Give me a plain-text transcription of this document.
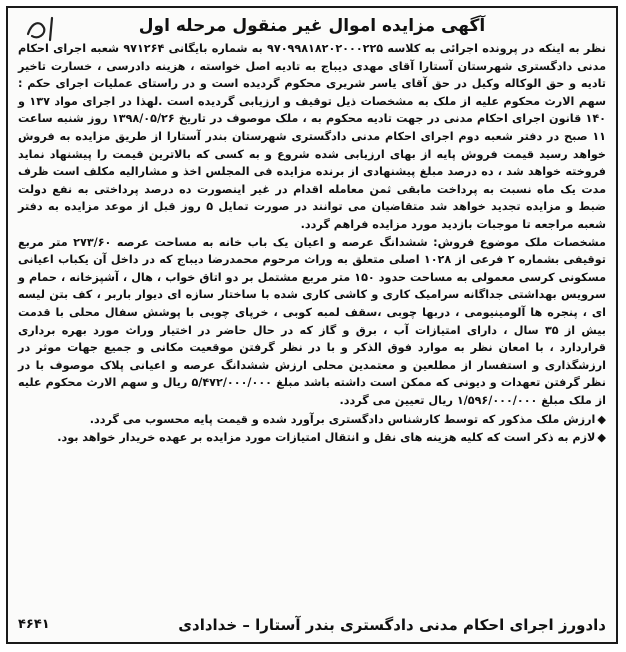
آگهی مزایده اموال غیر منقول مرحله اول

نظر به اینکه در پرونده اجرائی به کلاسه ۹۷۰۹۹۸۱۸۲۰۲۰۰۰۲۲۵ به شماره بایگانی ۹۷۱۲۶۴ شعبه اجرای احکام مدنی دادگستری شهرستان آستارا آقای مهدی دیباج به تادیه اصل خواسته ، هزینه دادرسی ، خسارت تاخیر تادیه و حق الوکاله وکیل در حق آقای یاسر شریری محکوم گردیده است و در راستای عملیات اجرای حکم : سهم الارث محکوم علیه از ملک به مشخصات ذیل توقیف و ارزیابی گردیده است .لهذا در اجرای مواد ۱۳۷ و ۱۴۰ قانون اجرای احکام مدنی در جهت تادیه محکوم به ، ملک موصوف در تاریخ ۱۳۹۸/۰۵/۲۶ روز شنبه ساعت ۱۱ صبح در دفتر شعبه دوم اجرای احکام مدنی دادگستری شهرستان بندر آستارا از طریق مزایده به فروش خواهد رسید قیمت فروش پایه از بهای ارزیابی شده شروع و به کسی که بالاترین قیمت را پیشنهاد نماید فروخته خواهد شد ، ده درصد مبلغ پیشنهادی از برنده مزایده فی المجلس اخذ و مشارالیه مکلف است ظرف مدت یک ماه نسبت به پرداخت مابقی ثمن معامله اقدام در غیر اینصورت ده درصد پرداختی به نفع دولت ضبط و مزایده تجدید خواهد شد متقاضیان می توانند در صورت تمایل ۵ روز قبل از موعد مزایده به دفتر شعبه مراجعه تا موجبات بازدید مورد مزایده فراهم گردد.

مشخصات ملک موضوع فروش: ششدانگ عرصه و اعیان یک باب خانه به مساحت عرصه ۲۷۳/۶۰ متر مربع توقیفی بشماره ۲ فرعی از ۱۰۲۸ اصلی متعلق به وراث مرحوم محمدرضا دیباج که در داخل آن یکباب اعیانی مسکونی کرسی معمولی به مساحت حدود ۱۵۰ متر مربع مشتمل بر دو اتاق خواب ، هال ، آشپزخانه ، حمام و سرویس بهداشتی جداگانه سرامیک کاری و کاشی کاری شده با ساختار سازه ای دیوار باربر ، کف بتن لیسه ای ، پنجره ها آلومینیومی ، دربها چوبی ،سقف لمبه کوبی ، خرپای چوبی با پوشش سفال محلی با قدمت بیش از ۳۵ سال ، دارای امتیازات آب ، برق و گاز که در حال حاضر در اختیار وراث مورد بهره برداری قراردارد ، با امعان نظر به موارد فوق الذکر و با در نظر گرفتن موقعیت مکانی و جمیع جهات موثر در ارزشگذاری و استفسار از مطلعین و معتمدین محلی ارزش ششدانگ عرصه و اعیانی پلاک موصوف با در نظر گرفتن تعهدات و دیونی که ممکن است داشته باشد مبلغ ۵/۴۷۲/۰۰۰/۰۰۰ ریال و سهم الارث محکوم علیه از ملک مبلغ ۱/۵۹۶/۰۰۰/۰۰۰ ریال تعیین می گردد.

◆ارزش ملک مذکور که توسط کارشناس دادگستری برآورد شده و قیمت پایه محسوب می گردد.
◆لازم به ذکر است که کلیه هزینه های نقل و انتقال امتیازات مورد مزایده بر عهده خریدار خواهد بود.
دادورز اجرای احکام مدنی دادگستری بندر آستارا – خدادادی
۴۶۴۱
